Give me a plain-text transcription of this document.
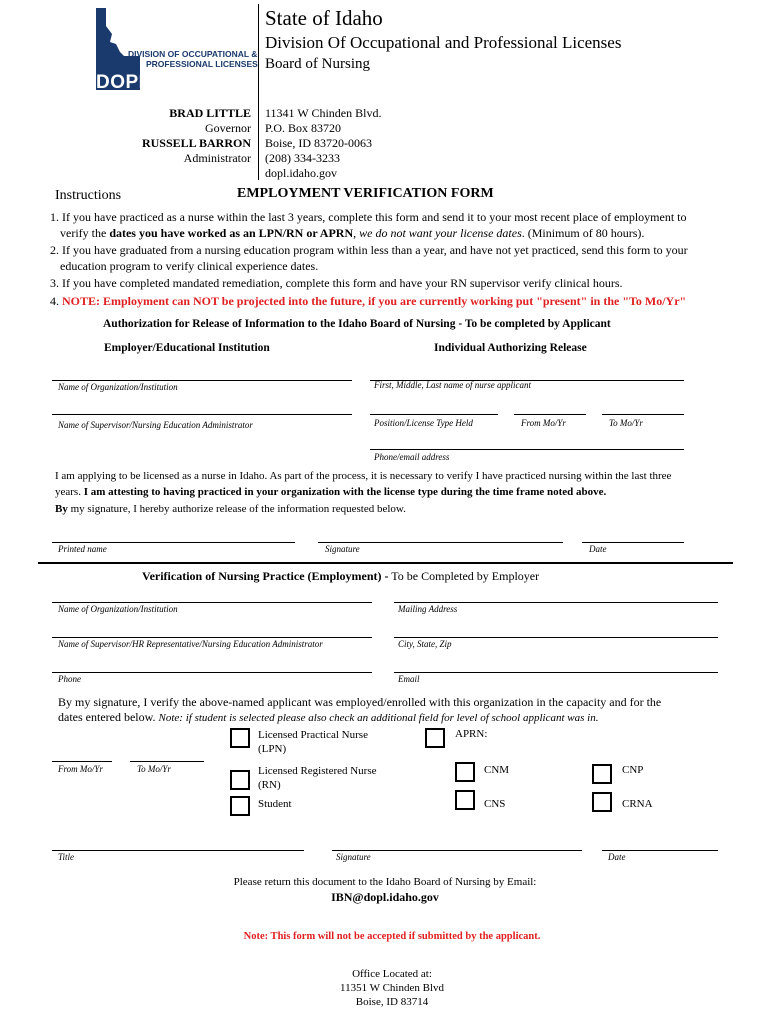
DIVISION OF OCCUPATIONAL &
PROFESSIONAL LICENSES
DOPL
State of Idaho
Division Of Occupational and Professional Licenses
Board of Nursing
BRAD LITTLE
Governor
RUSSELL BARRON
Administrator
11341 W Chinden Blvd.
P.O. Box 83720
Boise, ID 83720-0063
(208) 334-3233
dopl.idaho.gov
Instructions	EMPLOYMENT VERIFICATION FORM
1. If you have practiced as a nurse within the last 3 years, complete this form and send it to your most recent place of employment to
verify the dates you have worked as an LPN/RN or APRN, we do not want your license dates. (Minimum of 80 hours).
2. If you have graduated from a nursing education program within less than a year, and have not yet practiced, send this form to your
education program to verify clinical experience dates.
3. If you have completed mandated remediation, complete this form and have your RN supervisor verify clinical hours.
4. NOTE: Employment can NOT be projected into the future, if you are currently working put "present" in the "To Mo/Yr"
Authorization for Release of Information to the Idaho Board of Nursing - To be completed by Applicant
Employer/Educational Institution	Individual Authorizing Release
Name of Organization/Institution	First, Middle, Last name of nurse applicant
Name of Supervisor/Nursing Education Administrator	Position/License Type Held	From Mo/Yr	To Mo/Yr
Phone/email address
I am applying to be licensed as a nurse in Idaho. As part of the process, it is necessary to verify I have practiced nursing within the last three
years. I am attesting to having practiced in your organization with the license type during the time frame noted above.
By my signature, I hereby authorize release of the information requested below.
Printed name	Signature	Date
Verification of Nursing Practice (Employment) - To be Completed by Employer
Name of Organization/Institution	Mailing Address
Name of Supervisor/HR Representative/Nursing Education Administrator	City, State, Zip
Phone	Email
By my signature, I verify the above-named applicant was employed/enrolled with this organization in the capacity and for the
dates entered below. Note: if student is selected please also check an additional field for level of school applicant was in.
Licensed Practical Nurse
(LPN)
APRN:
From Mo/Yr	To Mo/Yr	Licensed Registered Nurse
(RN)
CNM	CNP
Student	CNS	CRNA
Title	Signature	Date
Please return this document to the Idaho Board of Nursing by Email:
IBN@dopl.idaho.gov
Note: This form will not be accepted if submitted by the applicant.
Office Located at:
11351 W Chinden Blvd
Boise, ID 83714
